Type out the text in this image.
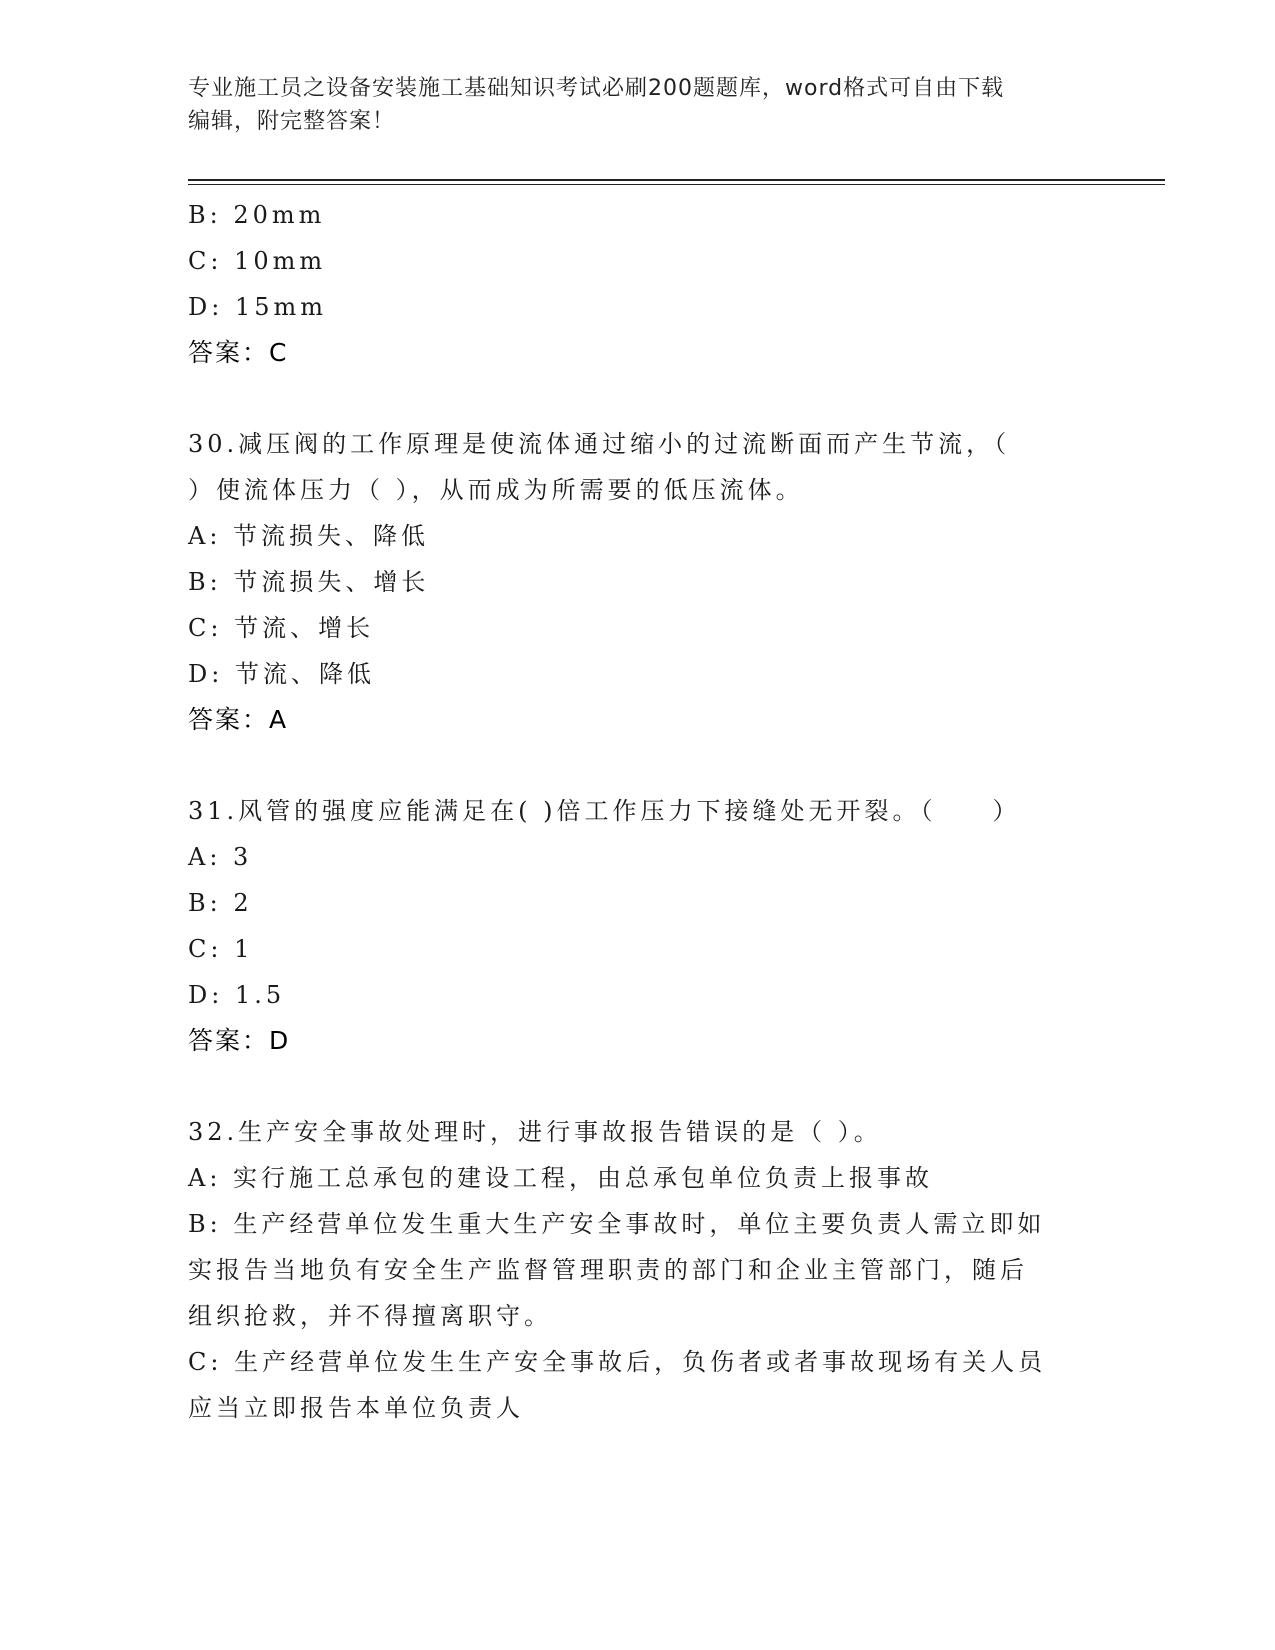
专业施工员之设备安装施工基础知识考试必刷200题题库，word格式可自由下载
编辑，附完整答案！
B: 20mm
C: 10mm
D: 15mm
答案：C
30.减压阀的工作原理是使流体通过缩小的过流断面而产生节流，（
）使流体压力（ ），从而成为所需要的低压流体。
A: 节流损失、降低
B: 节流损失、增长
C: 节流、增长
D: 节流、降低
答案：A
31.风管的强度应能满足在( )倍工作压力下接缝处无开裂。（　　）
A: 3
B: 2
C: 1
D: 1.5
答案：D
32.生产安全事故处理时，进行事故报告错误的是（ ）。
A: 实行施工总承包的建设工程，由总承包单位负责上报事故
B: 生产经营单位发生重大生产安全事故时，单位主要负责人需立即如
实报告当地负有安全生产监督管理职责的部门和企业主管部门，随后
组织抢救，并不得擅离职守。
C: 生产经营单位发生生产安全事故后，负伤者或者事故现场有关人员
应当立即报告本单位负责人
